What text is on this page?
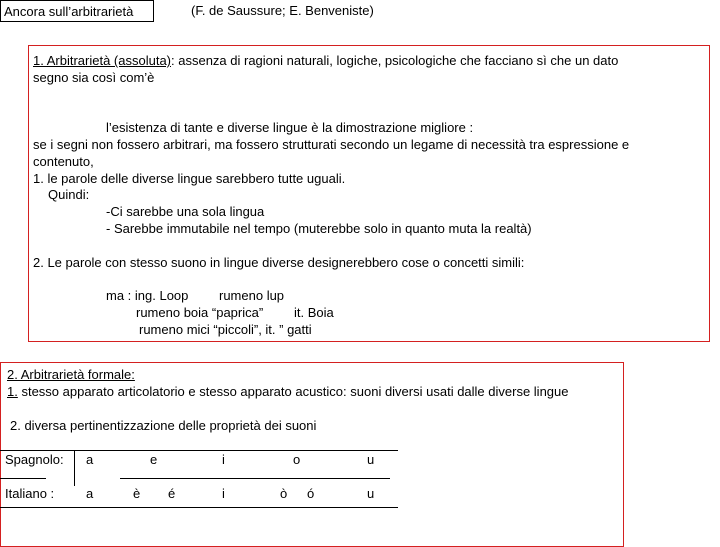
Ancora sull’arbitrarietà	(F. de Saussure; E. Benveniste)
1. Arbitrarietà (assoluta): assenza di ragioni naturali, logiche, psicologiche che facciano sì che un dato
segno sia così com’è
l’esistenza di tante e diverse lingue è la dimostrazione migliore :
se i segni non fossero arbitrari, ma fossero strutturati secondo un legame di necessità tra espressione e
contenuto,
1. le parole delle diverse lingue sarebbero tutte uguali.
Quindi:
-Ci sarebbe una sola lingua
- Sarebbe immutabile nel tempo (muterebbe solo in quanto muta la realtà)
2. Le parole con stesso suono in lingue diverse designerebbero cose o concetti simili:
ma : ing. Loop rumeno lup
rumeno boia “paprica” it. Boia
rumeno mici “piccoli”, it. ” gatti
2. Arbitrarietà formale:
1. stesso apparato articolatorio e stesso apparato acustico: suoni diversi usati dalle diverse lingue
2. diversa pertinentizzazione delle proprietà dei suoni
Spagnolo: a	e	i	o	u
Italiano : a	è é	i	ò ó	u
